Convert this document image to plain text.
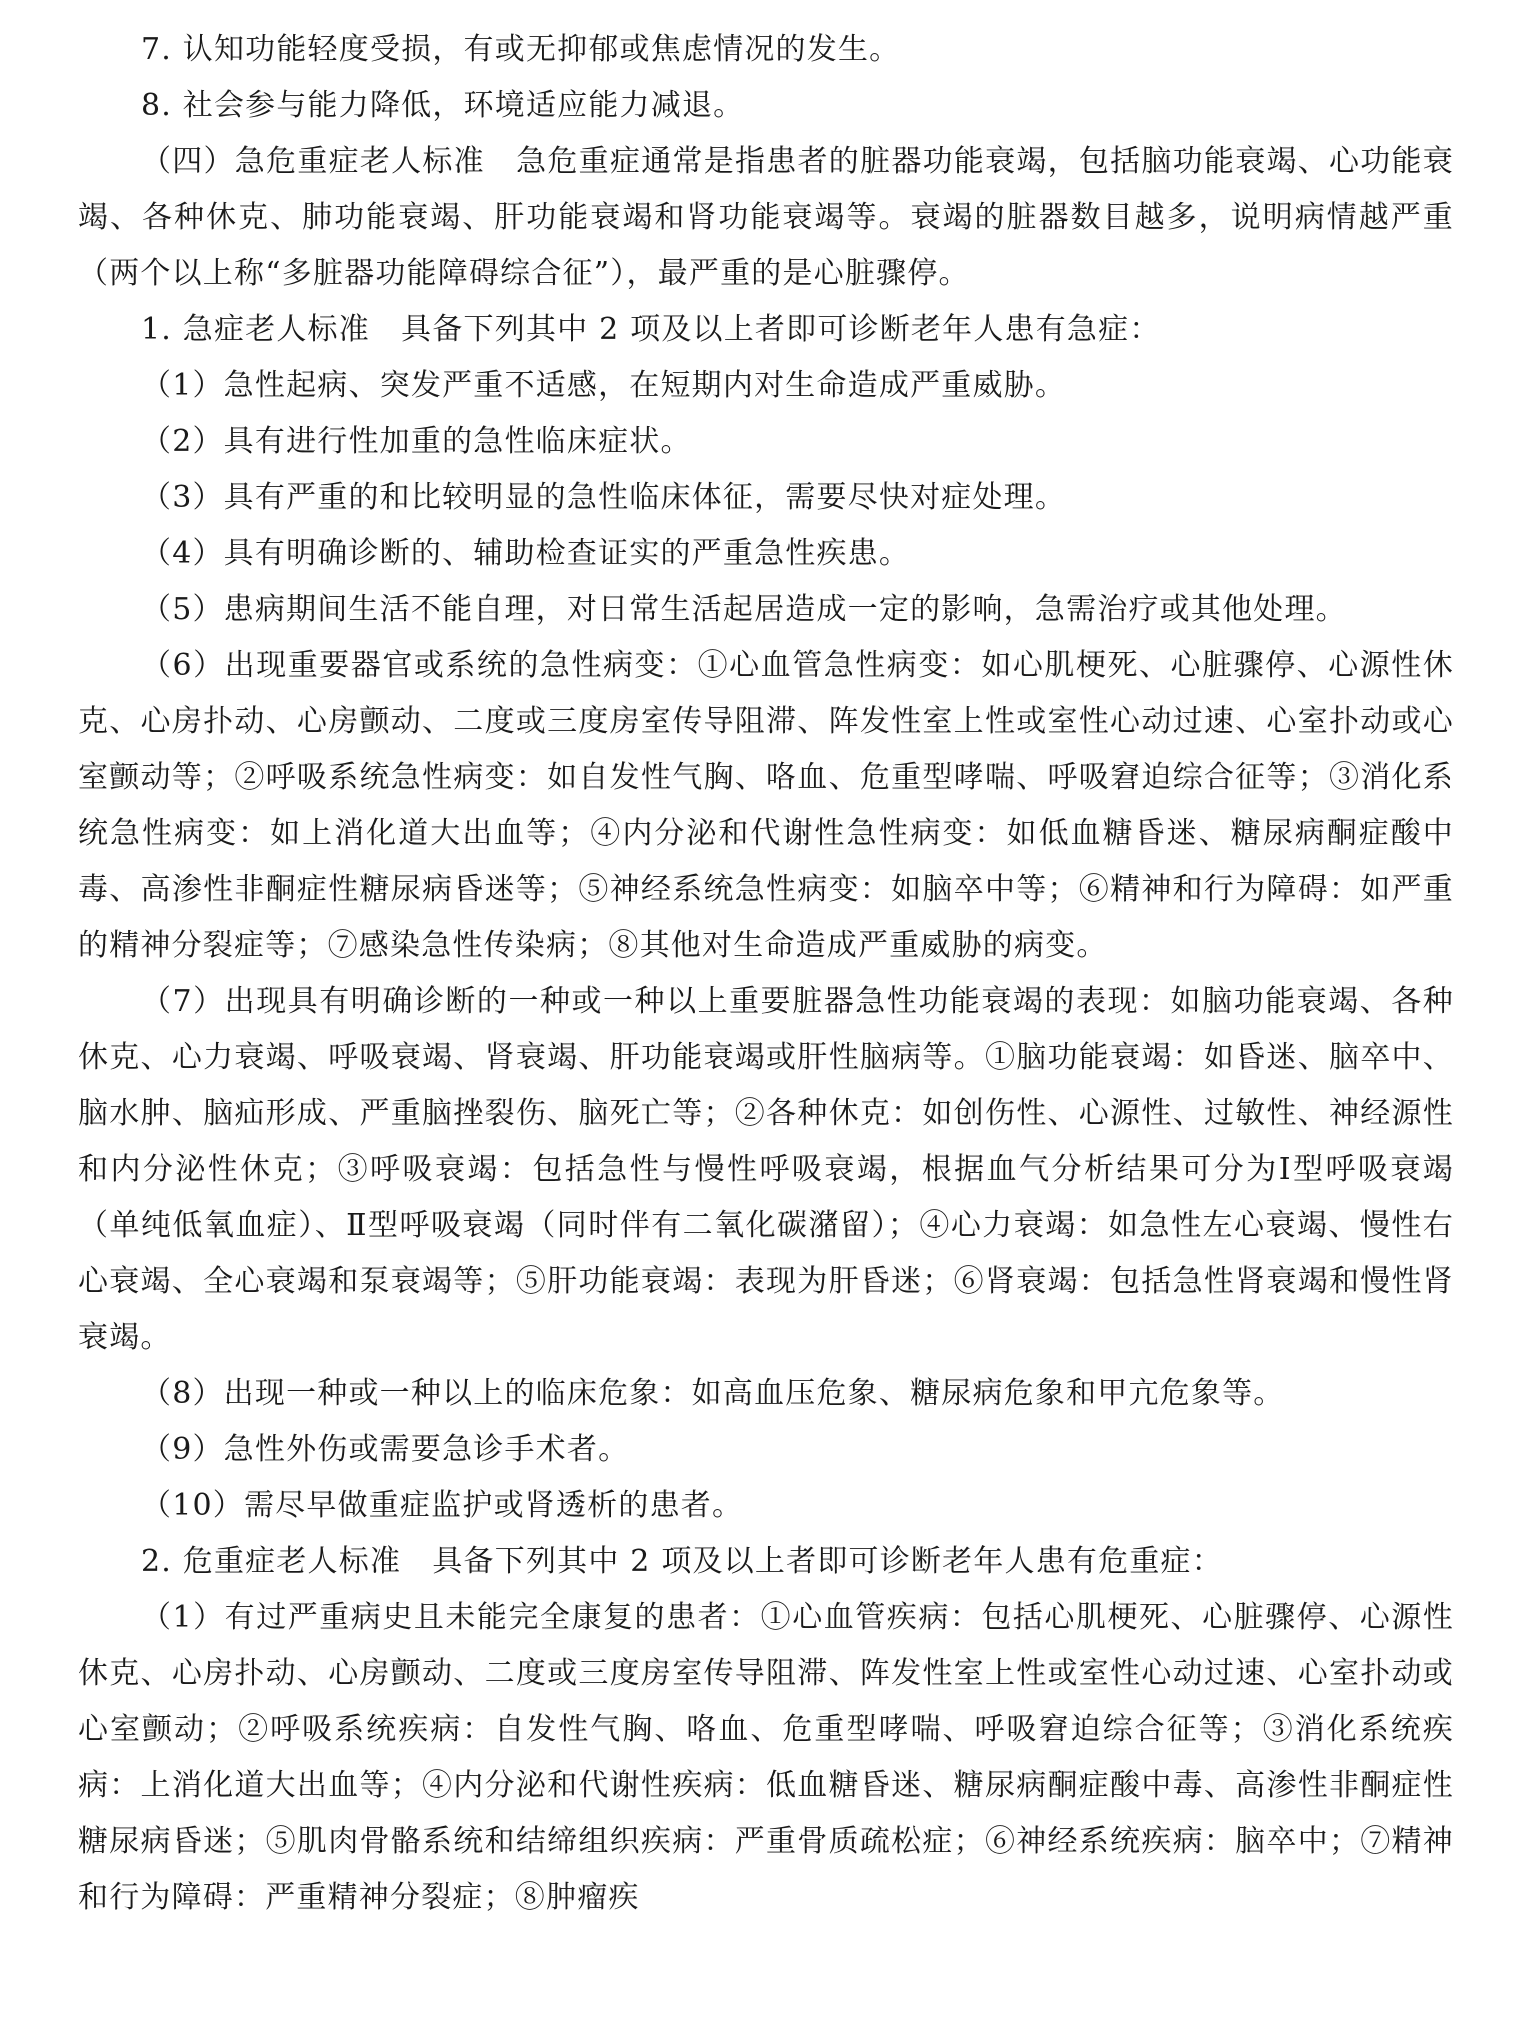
7. 认知功能轻度受损，有或无抑郁或焦虑情况的发生。

8. 社会参与能力降低，环境适应能力减退。

（四）急危重症老人标准　急危重症通常是指患者的脏器功能衰竭，包括脑功能衰竭、心功能衰竭、各种休克、肺功能衰竭、肝功能衰竭和肾功能衰竭等。衰竭的脏器数目越多，说明病情越严重（两个以上称“多脏器功能障碍综合征”），最严重的是心脏骤停。

1. 急症老人标准　具备下列其中 2 项及以上者即可诊断老年人患有急症：

（1）急性起病、突发严重不适感，在短期内对生命造成严重威胁。

（2）具有进行性加重的急性临床症状。

（3）具有严重的和比较明显的急性临床体征，需要尽快对症处理。

（4）具有明确诊断的、辅助检查证实的严重急性疾患。

（5）患病期间生活不能自理，对日常生活起居造成一定的影响，急需治疗或其他处理。

（6）出现重要器官或系统的急性病变：①心血管急性病变：如心肌梗死、心脏骤停、心源性休克、心房扑动、心房颤动、二度或三度房室传导阻滞、阵发性室上性或室性心动过速、心室扑动或心室颤动等；②呼吸系统急性病变：如自发性气胸、咯血、危重型哮喘、呼吸窘迫综合征等；③消化系统急性病变：如上消化道大出血等；④内分泌和代谢性急性病变：如低血糖昏迷、糖尿病酮症酸中毒、高渗性非酮症性糖尿病昏迷等；⑤神经系统急性病变：如脑卒中等；⑥精神和行为障碍：如严重的精神分裂症等；⑦感染急性传染病；⑧其他对生命造成严重威胁的病变。

（7）出现具有明确诊断的一种或一种以上重要脏器急性功能衰竭的表现：如脑功能衰竭、各种休克、心力衰竭、呼吸衰竭、肾衰竭、肝功能衰竭或肝性脑病等。①脑功能衰竭：如昏迷、脑卒中、脑水肿、脑疝形成、严重脑挫裂伤、脑死亡等；②各种休克：如创伤性、心源性、过敏性、神经源性和内分泌性休克；③呼吸衰竭：包括急性与慢性呼吸衰竭，根据血气分析结果可分为Ⅰ型呼吸衰竭（单纯低氧血症）、Ⅱ型呼吸衰竭（同时伴有二氧化碳潴留）；④心力衰竭：如急性左心衰竭、慢性右心衰竭、全心衰竭和泵衰竭等；⑤肝功能衰竭：表现为肝昏迷；⑥肾衰竭：包括急性肾衰竭和慢性肾衰竭。

（8）出现一种或一种以上的临床危象：如高血压危象、糖尿病危象和甲亢危象等。

（9）急性外伤或需要急诊手术者。

（10）需尽早做重症监护或肾透析的患者。

2. 危重症老人标准　具备下列其中 2 项及以上者即可诊断老年人患有危重症：

（1）有过严重病史且未能完全康复的患者：①心血管疾病：包括心肌梗死、心脏骤停、心源性休克、心房扑动、心房颤动、二度或三度房室传导阻滞、阵发性室上性或室性心动过速、心室扑动或心室颤动；②呼吸系统疾病：自发性气胸、咯血、危重型哮喘、呼吸窘迫综合征等；③消化系统疾病：上消化道大出血等；④内分泌和代谢性疾病：低血糖昏迷、糖尿病酮症酸中毒、高渗性非酮症性糖尿病昏迷；⑤肌肉骨骼系统和结缔组织疾病：严重骨质疏松症；⑥神经系统疾病：脑卒中；⑦精神和行为障碍：严重精神分裂症；⑧肿瘤疾
